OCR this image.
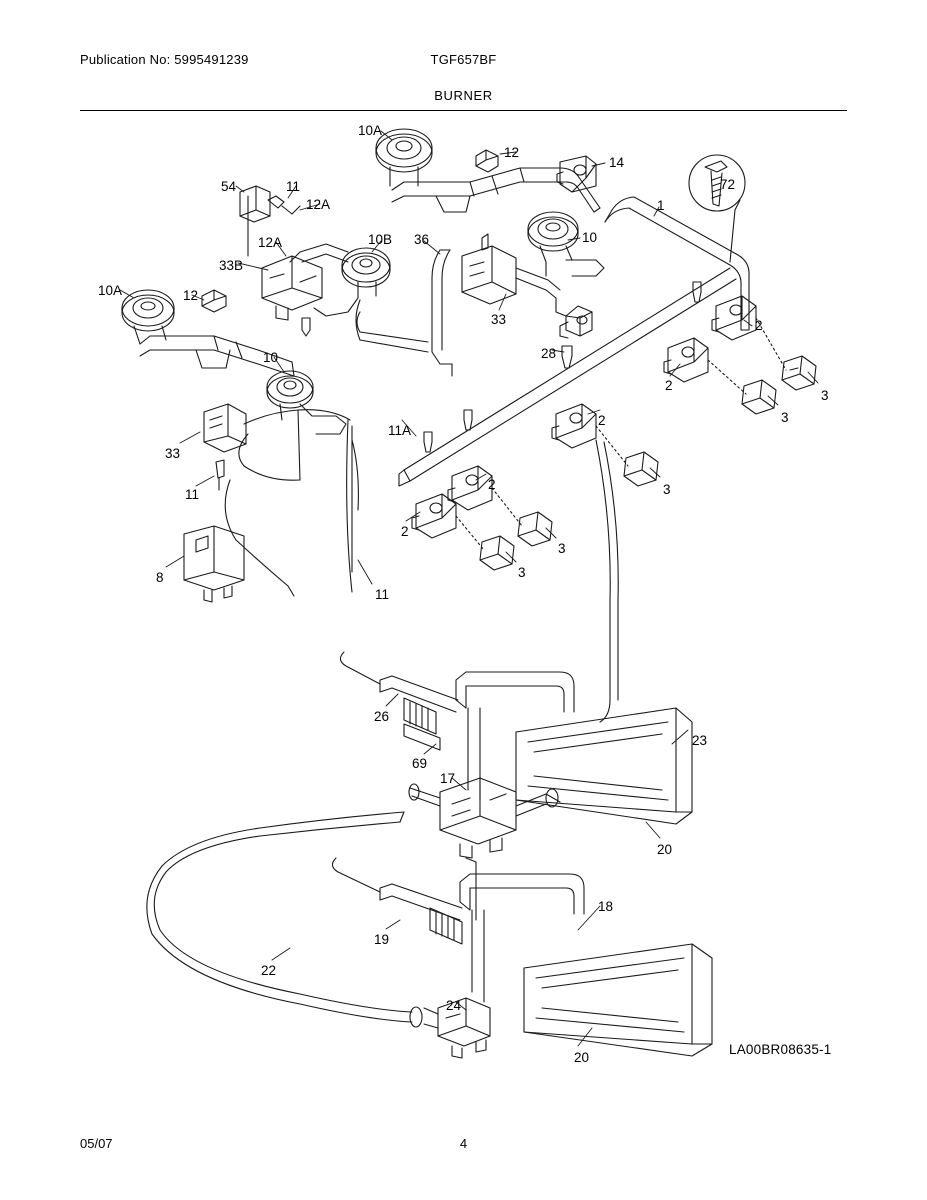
Publication No: 5995491239	TGF657BF
BURNER
10A
12
14
72
1
54	11
12A
10
12A	10B 36
33B
10A	12
33	2
28
10
3
2
3
2
11A
33
3
2
11
2
3
3
8
11
26
23
69
17
20
18
19
22
24
20
LA00BR08635-1
05/07	4
